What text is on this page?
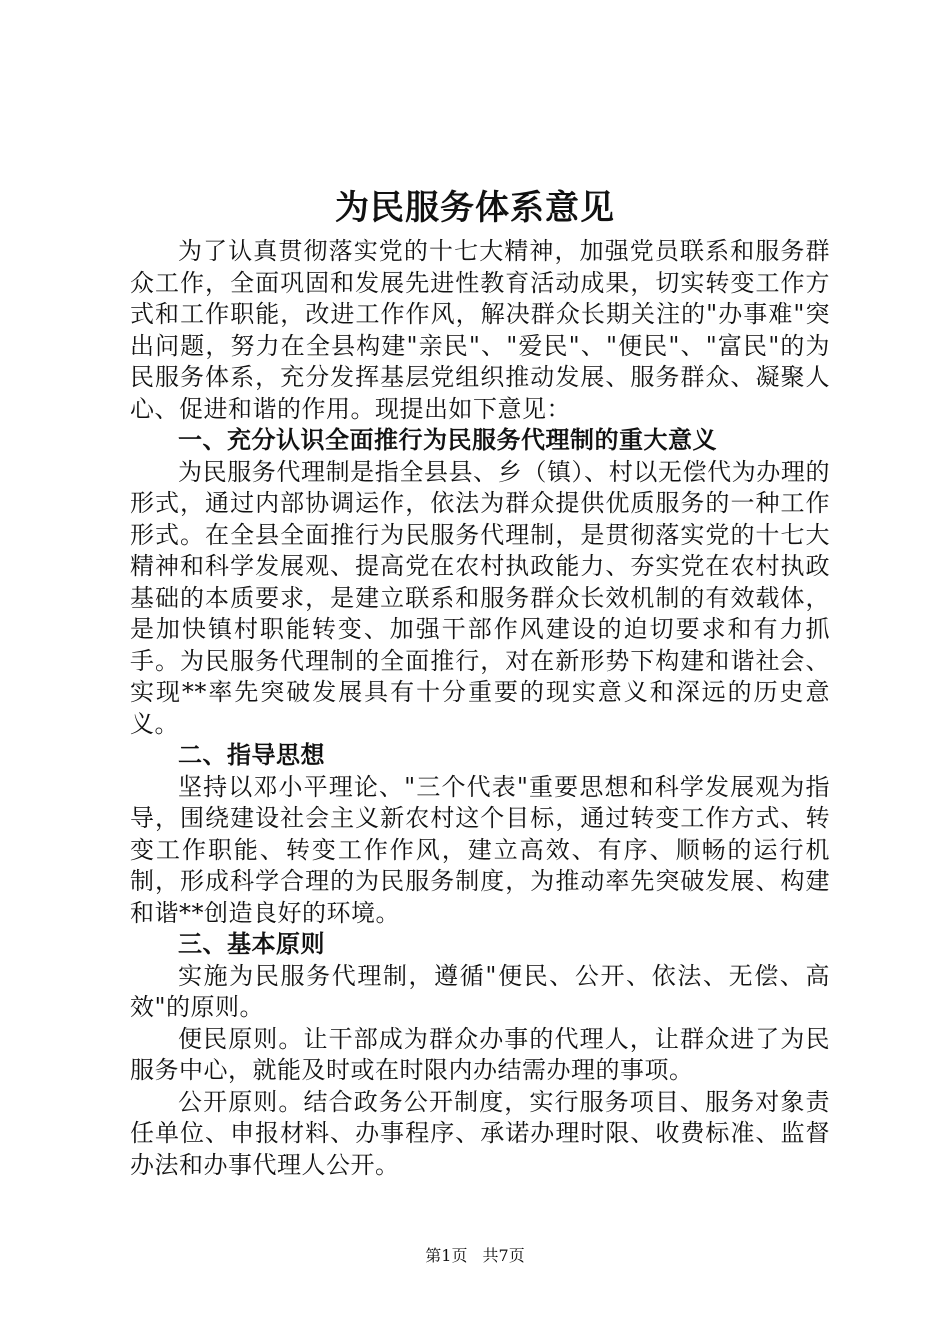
为民服务体系意见

为了认真贯彻落实党的十七大精神，加强党员联系和服务群众工作，全面巩固和发展先进性教育活动成果，切实转变工作方式和工作职能，改进工作作风，解决群众长期关注的"办事难"突出问题，努力在全县构建"亲民"、"爱民"、"便民"、"富民"的为民服务体系，充分发挥基层党组织推动发展、服务群众、凝聚人心、促进和谐的作用。现提出如下意见：

一、充分认识全面推行为民服务代理制的重大意义

为民服务代理制是指全县县、乡（镇）、村以无偿代为办理的形式，通过内部协调运作，依法为群众提供优质服务的一种工作形式。在全县全面推行为民服务代理制，是贯彻落实党的十七大精神和科学发展观、提高党在农村执政能力、夯实党在农村执政基础的本质要求，是建立联系和服务群众长效机制的有效载体，是加快镇村职能转变、加强干部作风建设的迫切要求和有力抓手。为民服务代理制的全面推行，对在新形势下构建和谐社会、实现**率先突破发展具有十分重要的现实意义和深远的历史意义。

二、指导思想

坚持以邓小平理论、"三个代表"重要思想和科学发展观为指导，围绕建设社会主义新农村这个目标，通过转变工作方式、转变工作职能、转变工作作风，建立高效、有序、顺畅的运行机制，形成科学合理的为民服务制度，为推动率先突破发展、构建和谐**创造良好的环境。

三、基本原则

实施为民服务代理制，遵循"便民、公开、依法、无偿、高效"的原则。

便民原则。让干部成为群众办事的代理人，让群众进了为民服务中心，就能及时或在时限内办结需办理的事项。

公开原则。结合政务公开制度，实行服务项目、服务对象责任单位、申报材料、办事程序、承诺办理时限、收费标准、监督办法和办事代理人公开。

第1页 共7页
